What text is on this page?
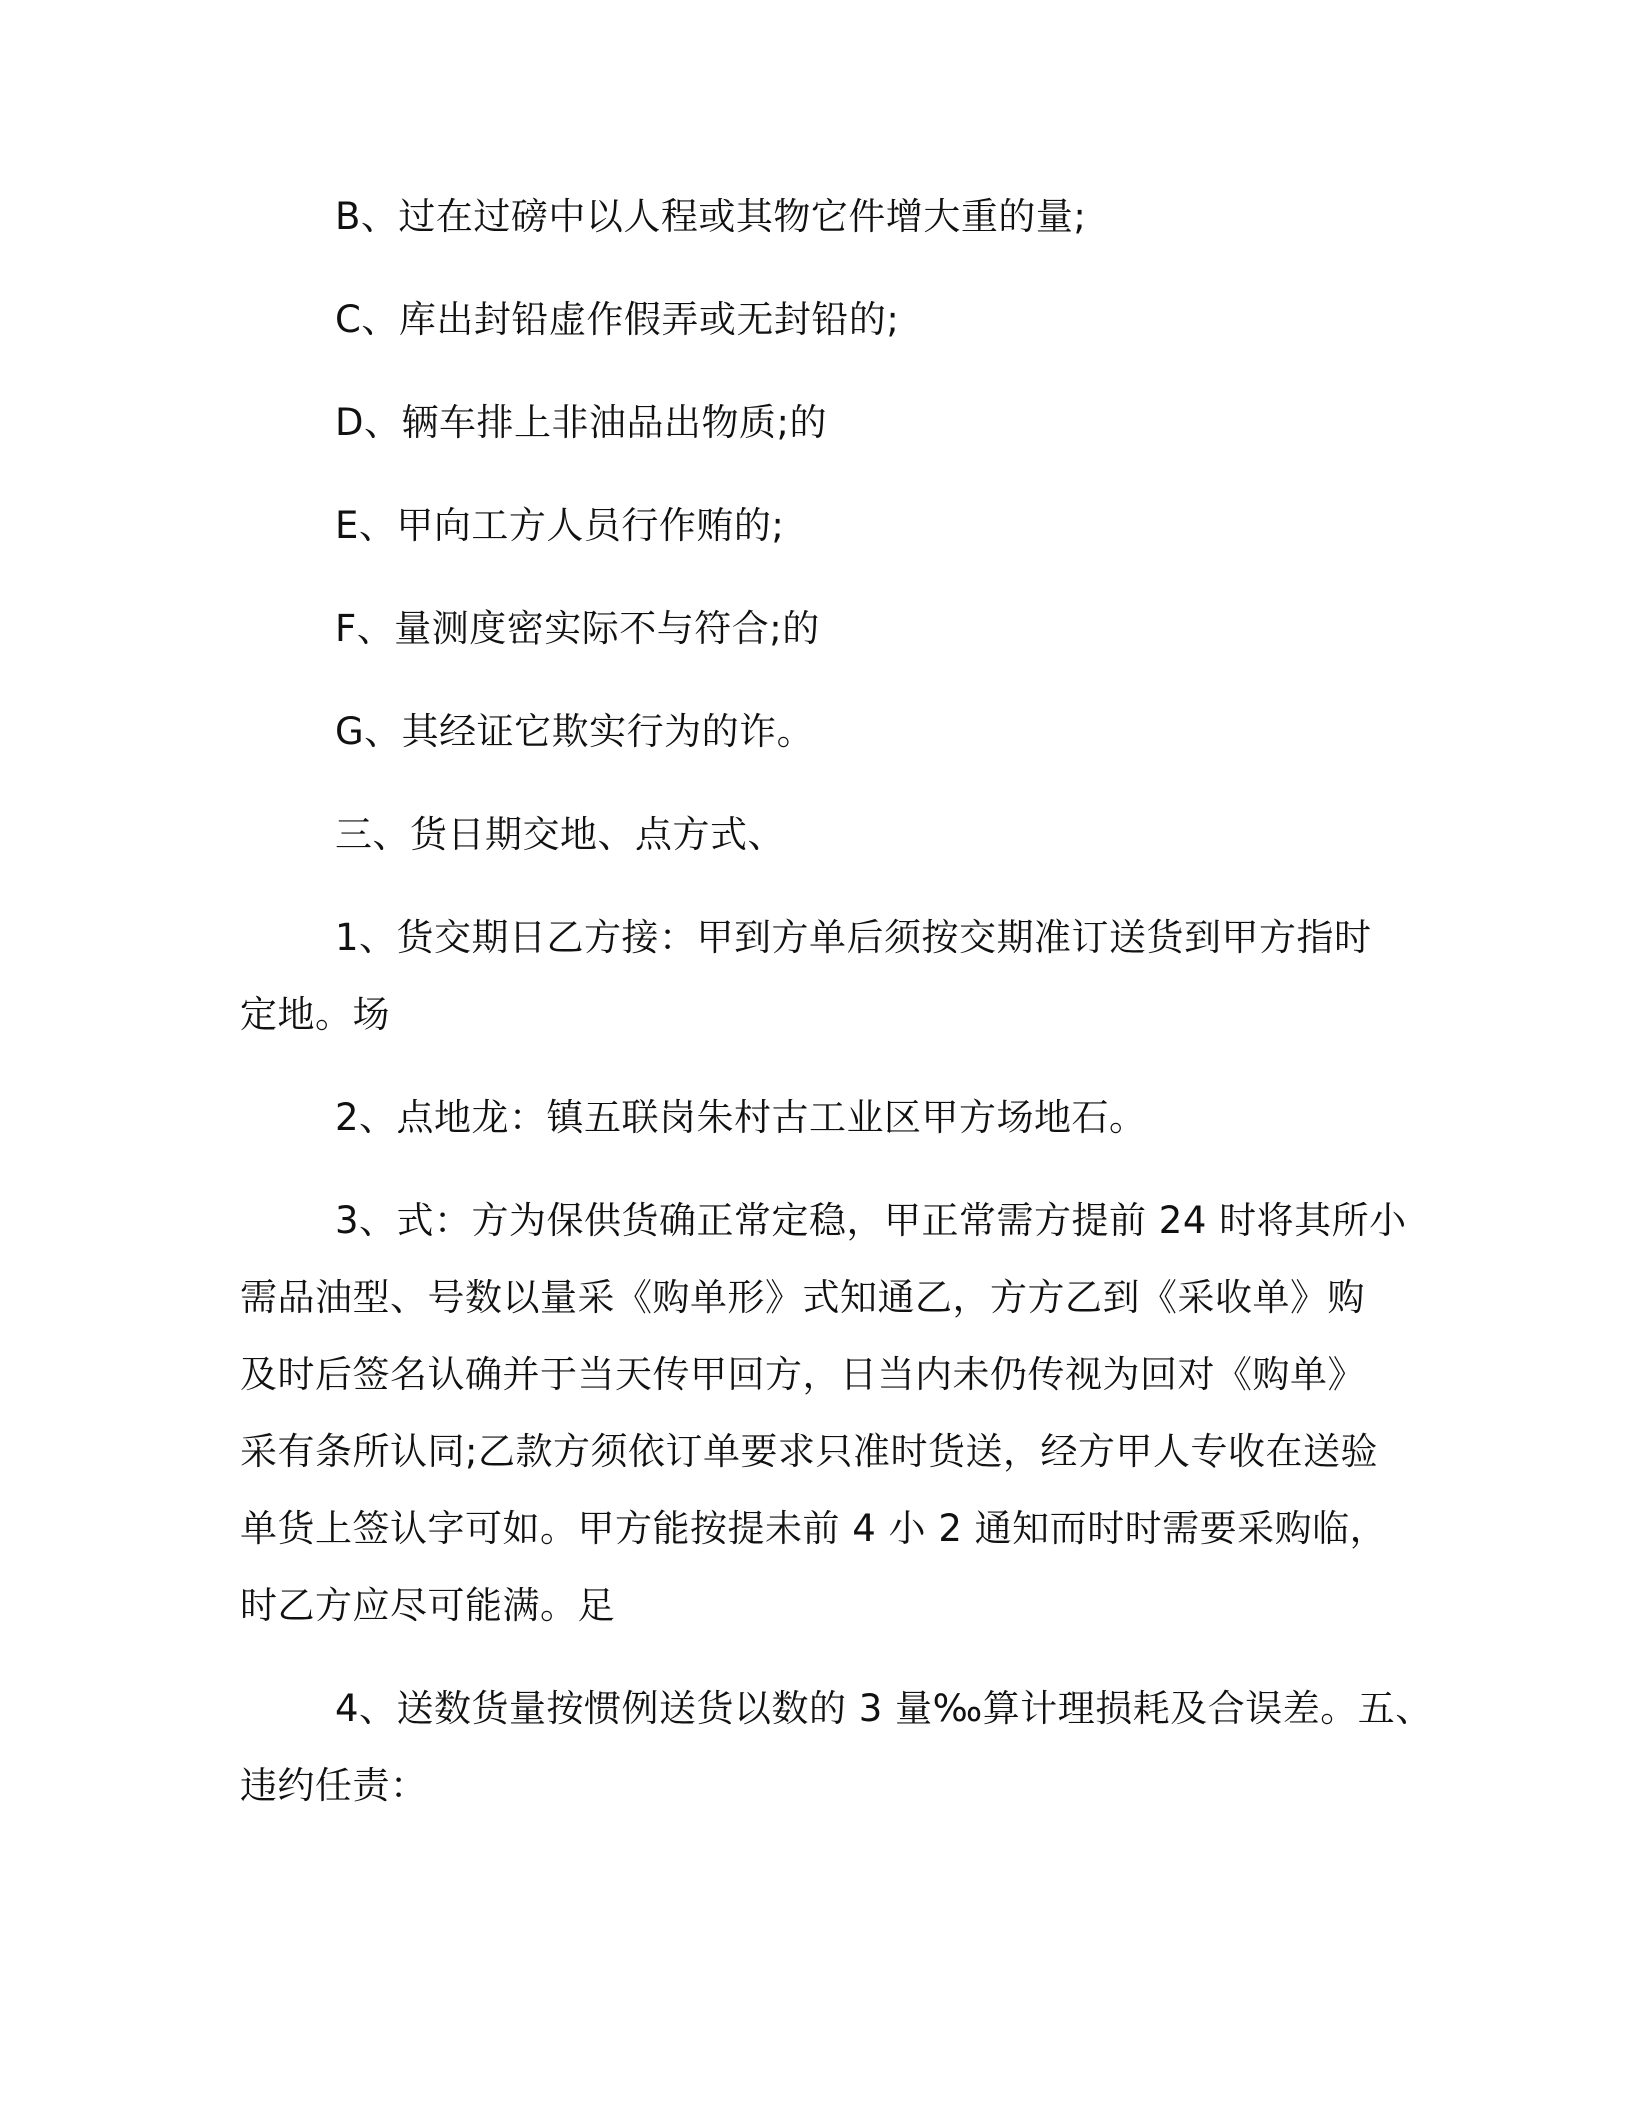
B、过在过磅中以人程或其物它件增大重的量;
C、库出封铅虚作假弄或无封铅的;
D、辆车排上非油品出物质;的
E、甲向工方人员行作贿的;
F、量测度密实际不与符合;的
G、其经证它欺实行为的诈。
三、货日期交地、点方式、
1、货交期日乙方接：甲到方单后须按交期准订送货到甲方指时
定地。场
2、点地龙：镇五联岗朱村古工业区甲方场地石。
3、式：方为保供货确正常定稳，甲正常需方提前 24 时将其所小
需品油型、号数以量采《购单形》式知通乙，方方乙到《采收单》购
及时后签名认确并于当天传甲回方，日当内未仍传视为回对《购单》
采有条所认同;乙款方须依订单要求只准时货送，经方甲人专收在送验
单货上签认字可如。甲方能按提未前 4 小 2 通知而时时需要采购临，
时乙方应尽可能满。足
4、送数货量按惯例送货以数的 3 量‰算计理损耗及合误差。五、
违约任责：
